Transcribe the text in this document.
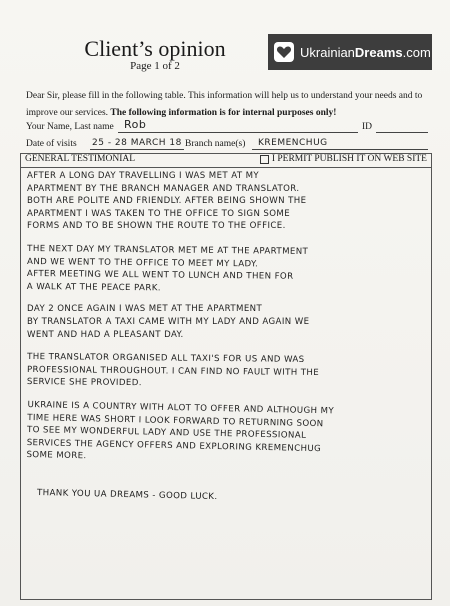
Client’s opinion
Page 1 of 2
UkrainianDreams.com
Dear Sir, please fill in the following table. This information will help us to understand your needs and to
improve our services. The following information is for internal purposes only!
Your Name, Last name Rob	ID
Date of visits 25 - 28 MARCH 18 Branch name(s) KREMENCHUG
GENERAL TESTIMONIAL	I PERMIT PUBLISH IT ON WEB SITE

AFTER A LONG DAY TRAVELLING I WAS MET AT MY
APARTMENT BY THE BRANCH MANAGER AND TRANSLATOR.
BOTH ARE POLITE AND FRIENDLY. AFTER BEING SHOWN THE
APARTMENT I WAS TAKEN TO THE OFFICE TO SIGN SOME
FORMS AND TO BE SHOWN THE ROUTE TO THE OFFICE.

THE NEXT DAY MY TRANSLATOR MET ME AT THE APARTMENT
AND WE WENT TO THE OFFICE TO MEET MY LADY.
AFTER MEETING WE ALL WENT TO LUNCH AND THEN FOR
A WALK AT THE PEACE PARK.

DAY 2 ONCE AGAIN I WAS MET AT THE APARTMENT
BY TRANSLATOR A TAXI CAME WITH MY LADY AND AGAIN WE
WENT AND HAD A PLEASANT DAY.

THE TRANSLATOR ORGANISED ALL TAXI'S FOR US AND WAS
PROFESSIONAL THROUGHOUT. I CAN FIND NO FAULT WITH THE
SERVICE SHE PROVIDED.

UKRAINE IS A COUNTRY WITH ALOT TO OFFER AND ALTHOUGH MY
TIME HERE WAS SHORT I LOOK FORWARD TO RETURNING SOON
TO SEE MY WONDERFUL LADY AND USE THE PROFESSIONAL
SERVICES THE AGENCY OFFERS AND EXPLORING KREMENCHUG
SOME MORE.

THANK YOU UA DREAMS - GOOD LUCK.
